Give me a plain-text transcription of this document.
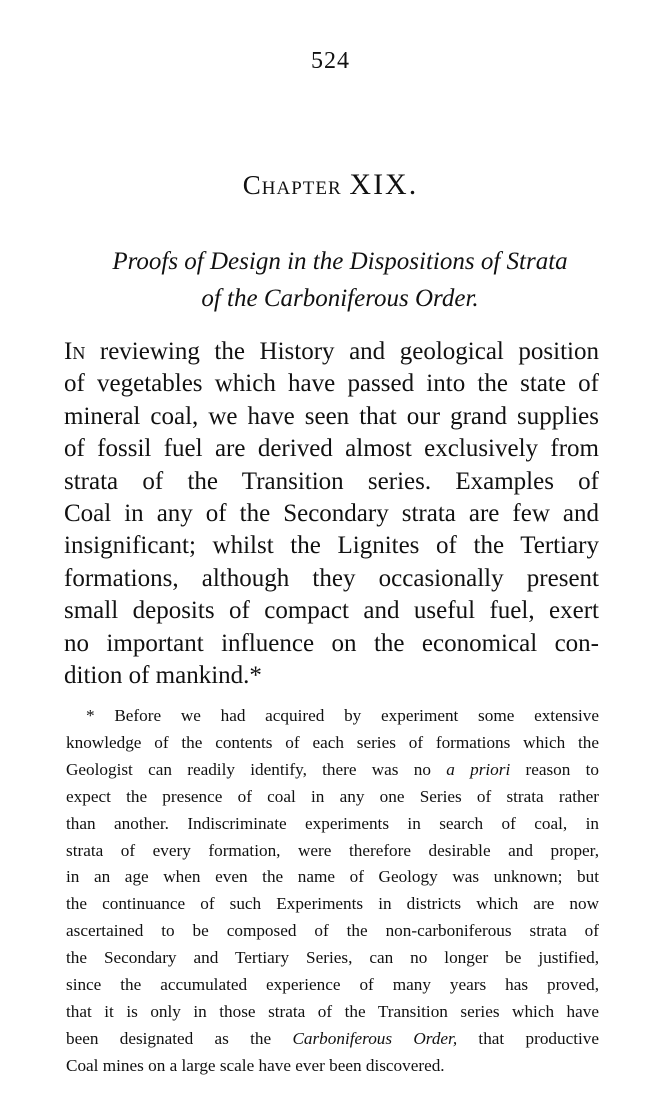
524
Chapter XIX.
Proofs of Design in the Dispositions of Strata
of the Carboniferous Order.
In reviewing the History and geological position
of vegetables which have passed into the state of
mineral coal, we have seen that our grand supplies
of fossil fuel are derived almost exclusively from
strata of the Transition series. Examples of
Coal in any of the Secondary strata are few and
insignificant; whilst the Lignites of the Tertiary
formations, although they occasionally present
small deposits of compact and useful fuel, exert
no important influence on the economical con-
dition of mankind.*
* Before we had acquired by experiment some extensive
knowledge of the contents of each series of formations which the
Geologist can readily identify, there was no a priori reason to
expect the presence of coal in any one Series of strata rather
than another. Indiscriminate experiments in search of coal, in
strata of every formation, were therefore desirable and proper,
in an age when even the name of Geology was unknown; but
the continuance of such Experiments in districts which are now
ascertained to be composed of the non-carboniferous strata of
the Secondary and Tertiary Series, can no longer be justified,
since the accumulated experience of many years has proved,
that it is only in those strata of the Transition series which have
been designated as the Carboniferous Order, that productive
Coal mines on a large scale have ever been discovered.
